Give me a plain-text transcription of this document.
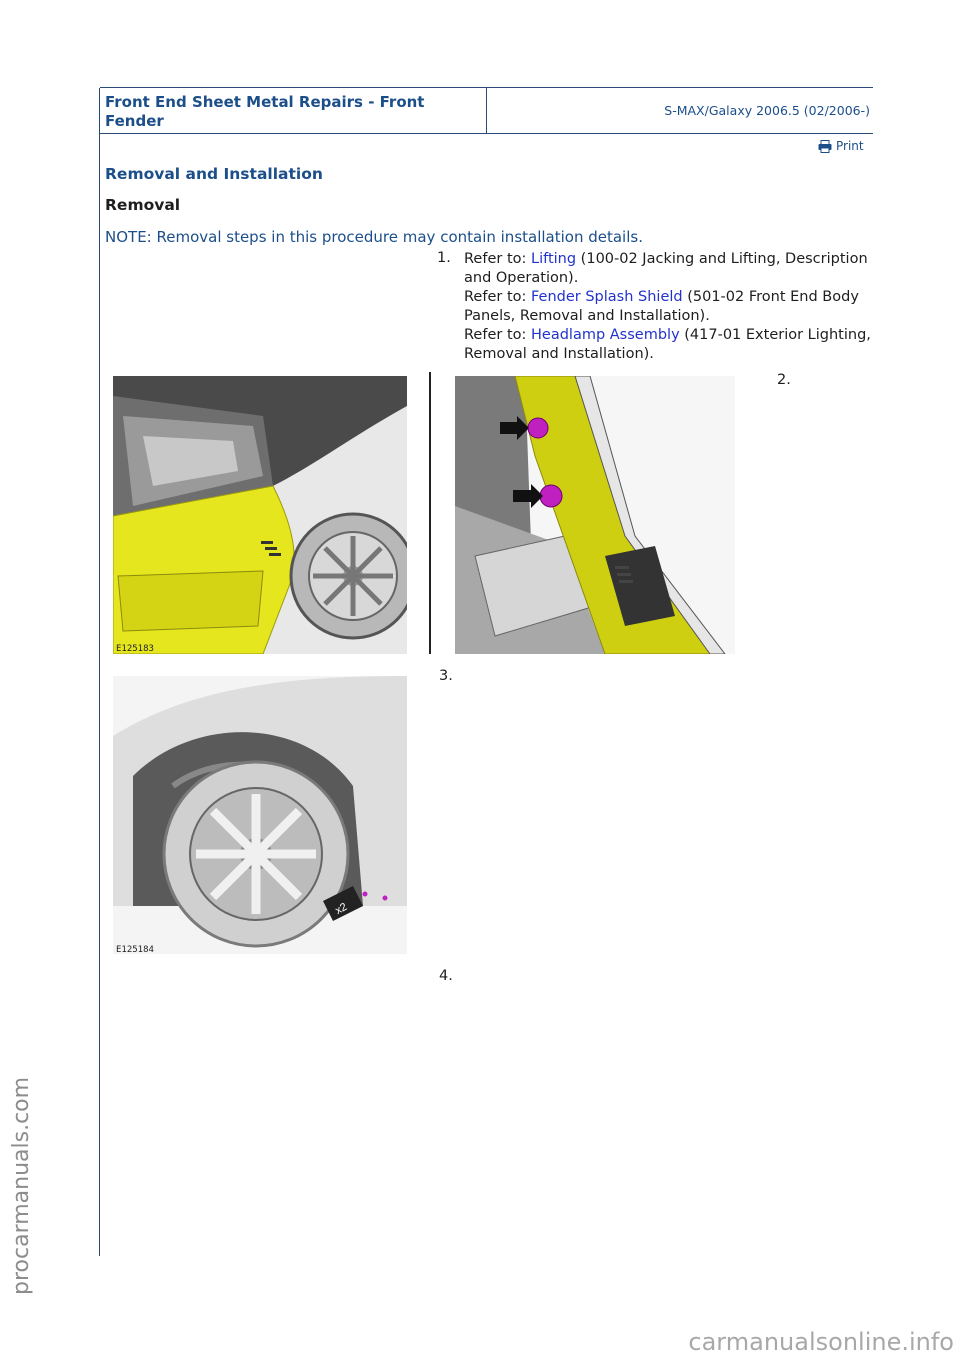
Front End Sheet Metal Repairs - Front Fender
S-MAX/Galaxy 2006.5 (02/2006-)
Print
Removal and Installation
Removal
NOTE: Removal steps in this procedure may contain installation details.
1. Refer to: Lifting (100-02 Jacking and Lifting, Description and Operation).
Refer to: Fender Splash Shield (501-02 Front End Body Panels, Removal and Installation).
Refer to: Headlamp Assembly (417-01 Exterior Lighting, Removal and Installation).
E125183
2.
x2
E125184
3.
4.
procarmanuals.com
carmanualsonline.info
